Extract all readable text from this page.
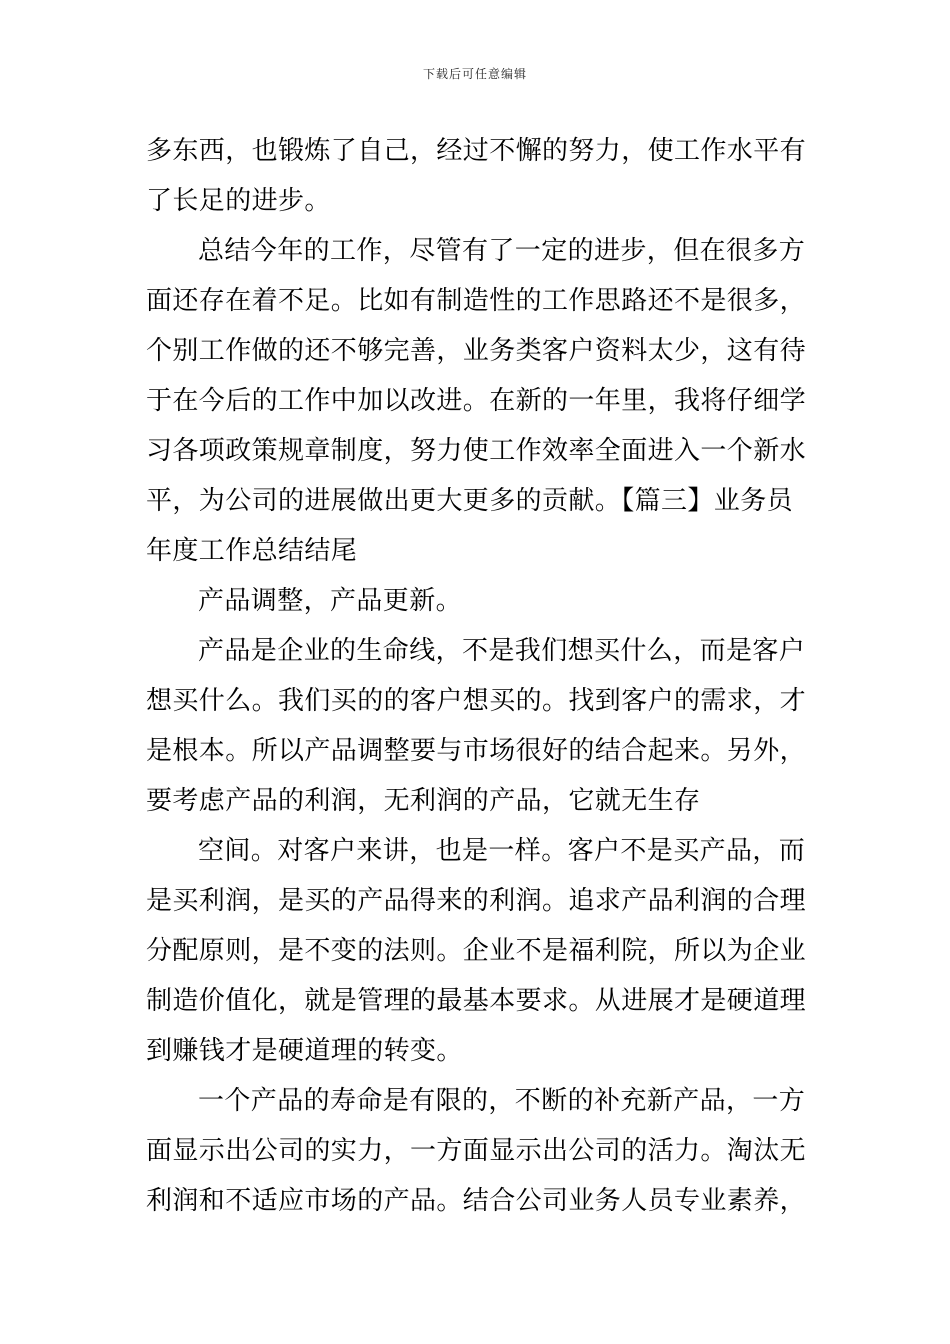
下载后可任意编辑
多东西，也锻炼了自己，经过不懈的努力，使工作水平有
了长足的进步。
总结今年的工作，尽管有了一定的进步，但在很多方
面还存在着不足。比如有制造性的工作思路还不是很多，
个别工作做的还不够完善，业务类客户资料太少，这有待
于在今后的工作中加以改进。在新的一年里，我将仔细学
习各项政策规章制度，努力使工作效率全面进入一个新水
平，为公司的进展做出更大更多的贡献。【篇三】业务员
年度工作总结结尾
产品调整，产品更新。
产品是企业的生命线，不是我们想买什么，而是客户
想买什么。我们买的的客户想买的。找到客户的需求，才
是根本。所以产品调整要与市场很好的结合起来。另外，
要考虑产品的利润，无利润的产品，它就无生存
空间。对客户来讲，也是一样。客户不是买产品，而
是买利润，是买的产品得来的利润。追求产品利润的合理
分配原则，是不变的法则。企业不是福利院，所以为企业
制造价值化，就是管理的最基本要求。从进展才是硬道理
到赚钱才是硬道理的转变。
一个产品的寿命是有限的，不断的补充新产品，一方
面显示出公司的实力，一方面显示出公司的活力。淘汰无
利润和不适应市场的产品。结合公司业务人员专业素养，
